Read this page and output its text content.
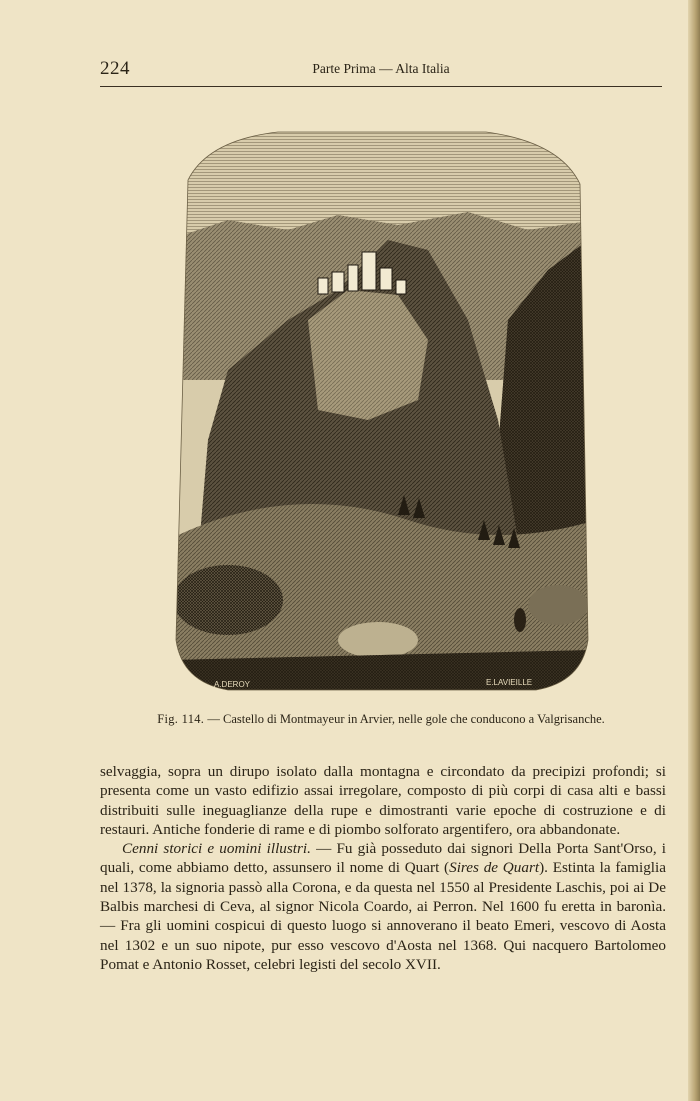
224	Parte Prima — Alta Italia
A.DEROY	E.LAVIEILLE
Fig. 114. — Castello di Montmayeur in Arvier, nelle gole che conducono a Valgrisanche.

selvaggia, sopra un dirupo isolato dalla montagna e circondato da precipizi profondi; si presenta come un vasto edifizio assai irregolare, composto di più corpi di casa alti e bassi distribuiti sulle ineguaglianze della rupe e dimostranti varie epoche di costruzione e di restauri. Antiche fonderie di rame e di piombo solforato argentifero, ora abbandonate.

Cenni storici e uomini illustri. — Fu già posseduto dai signori Della Porta Sant'Orso, i quali, come abbiamo detto, assunsero il nome di Quart (Sires de Quart). Estinta la famiglia nel 1378, la signoria passò alla Corona, e da questa nel 1550 al Presidente Laschis, poi ai De Balbis marchesi di Ceva, al signor Nicola Coardo, ai Perron. Nel 1600 fu eretta in baronìa. — Fra gli uomini cospicui di questo luogo si annoverano il beato Emeri, vescovo di Aosta nel 1302 e un suo nipote, pur esso vescovo d'Aosta nel 1368. Qui nacquero Bartolomeo Pomat e Antonio Rosset, celebri legisti del secolo XVII.
